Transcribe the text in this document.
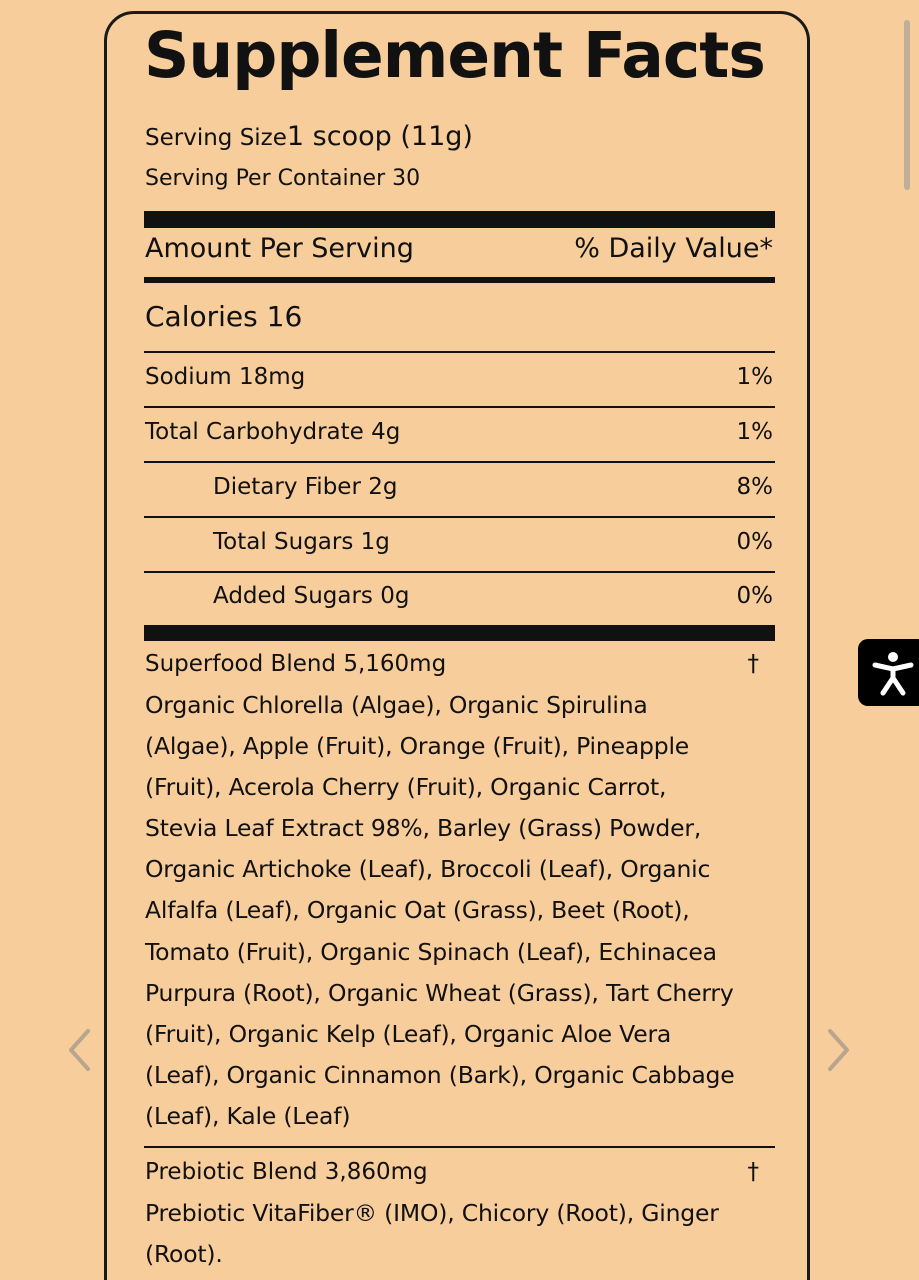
Supplement Facts
Serving Size1 scoop (11g)
Serving Per Container 30
Amount Per Serving	% Daily Value*
Calories 16
Sodium 18mg	1%
Total Carbohydrate 4g	1%
Dietary Fiber 2g	8%
Total Sugars 1g	0%
Added Sugars 0g	0%
Superfood Blend 5,160mg	†
Organic Chlorella (Algae), Organic Spirulina
(Algae), Apple (Fruit), Orange (Fruit), Pineapple
(Fruit), Acerola Cherry (Fruit), Organic Carrot,
Stevia Leaf Extract 98%, Barley (Grass) Powder,
Organic Artichoke (Leaf), Broccoli (Leaf), Organic
Alfalfa (Leaf), Organic Oat (Grass), Beet (Root),
Tomato (Fruit), Organic Spinach (Leaf), Echinacea
Purpura (Root), Organic Wheat (Grass), Tart Cherry
(Fruit), Organic Kelp (Leaf), Organic Aloe Vera
(Leaf), Organic Cinnamon (Bark), Organic Cabbage
(Leaf), Kale (Leaf)
Prebiotic Blend 3,860mg	†
Prebiotic VitaFiber® (IMO), Chicory (Root), Ginger
(Root).
